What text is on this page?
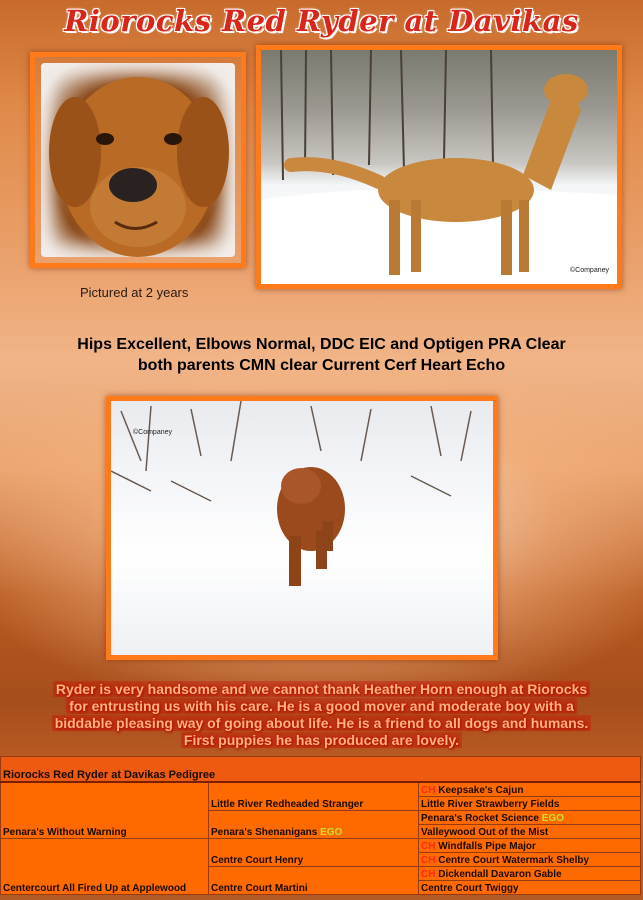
Riorocks Red Ryder at Davikas
©Companey
Pictured at 2 years
Hips Excellent, Elbows Normal, DDC EIC and Optigen PRA Clear
both parents CMN clear Current Cerf Heart Echo
©Companey
Ryder is very handsome and we cannot thank Heather Horn enough at Riorocks
for entrusting us with his care. He is a good mover and moderate boy with a
biddable pleasing way of going about life. He is a friend to all dogs and humans.
First puppies he has produced are lovely.
Riorocks Red Ryder at Davikas Pedigree		
Penara's Without Warning	Little River Redheaded Stranger	CH Keepsake's Cajun
		Little River Strawberry Fields
	Penara's Shenanigans EGO	Penara's Rocket Science EGO
		Valleywood Out of the Mist
Centercourt All Fired Up at Applewood	Centre Court Henry	CH Windfalls Pipe Major
		CH Centre Court Watermark Shelby
	Centre Court Martini	CH Dickendall Davaron Gable
		Centre Court Twiggy
